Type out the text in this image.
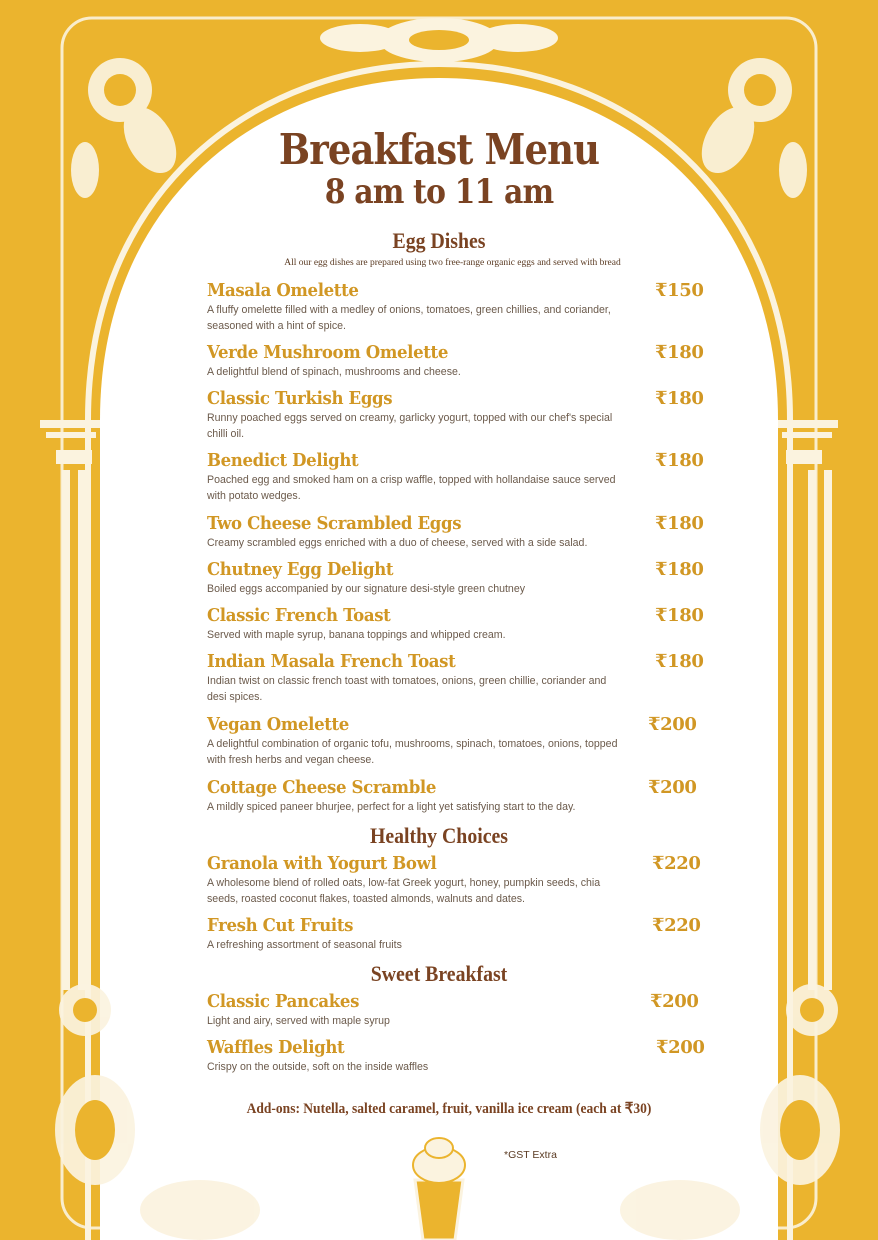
Breakfast Menu
8 am to 11 am
Egg Dishes
All our egg dishes are prepared using two free-range organic eggs and served with bread
Masala Omelette
A fluffy omelette filled with a medley of onions, tomatoes, green chillies, and coriander, seasoned with a hint of spice.
₹150
Verde Mushroom Omelette
A delightful blend of spinach, mushrooms and cheese.
₹180
Classic Turkish Eggs
Runny poached eggs served on creamy, garlicky yogurt, topped with our chef's special chilli oil.
₹180
Benedict Delight
Poached egg and smoked ham on a crisp waffle, topped with hollandaise sauce served with potato wedges.
₹180
Two Cheese Scrambled Eggs
Creamy scrambled eggs enriched with a duo of cheese, served with a side salad.
₹180
Chutney Egg Delight
Boiled eggs accompanied by our signature desi-style green chutney
₹180
Classic French Toast
Served with maple syrup, banana toppings and whipped cream.
₹180
Indian Masala French Toast
Indian twist on classic french toast with tomatoes, onions, green chillie, coriander and desi spices.
₹180
Vegan Omelette
A delightful combination of organic tofu, mushrooms, spinach, tomatoes, onions, topped with fresh herbs and vegan cheese.
₹200
Cottage Cheese Scramble
A mildly spiced paneer bhurjee, perfect for a light yet satisfying start to the day.
₹200
Healthy Choices
Granola with Yogurt Bowl
A wholesome blend of rolled oats, low-fat Greek yogurt, honey, pumpkin seeds, chia seeds, roasted coconut flakes, toasted almonds, walnuts and dates.
₹220
Fresh Cut Fruits
A refreshing assortment of seasonal fruits
₹220
Sweet Breakfast
Classic Pancakes
Light and airy, served with maple syrup
₹200
Waffles Delight
Crispy on the outside, soft on the inside waffles
₹200
Add-ons: Nutella, salted caramel, fruit, vanilla ice cream (each at ₹30)
*GST Extra
